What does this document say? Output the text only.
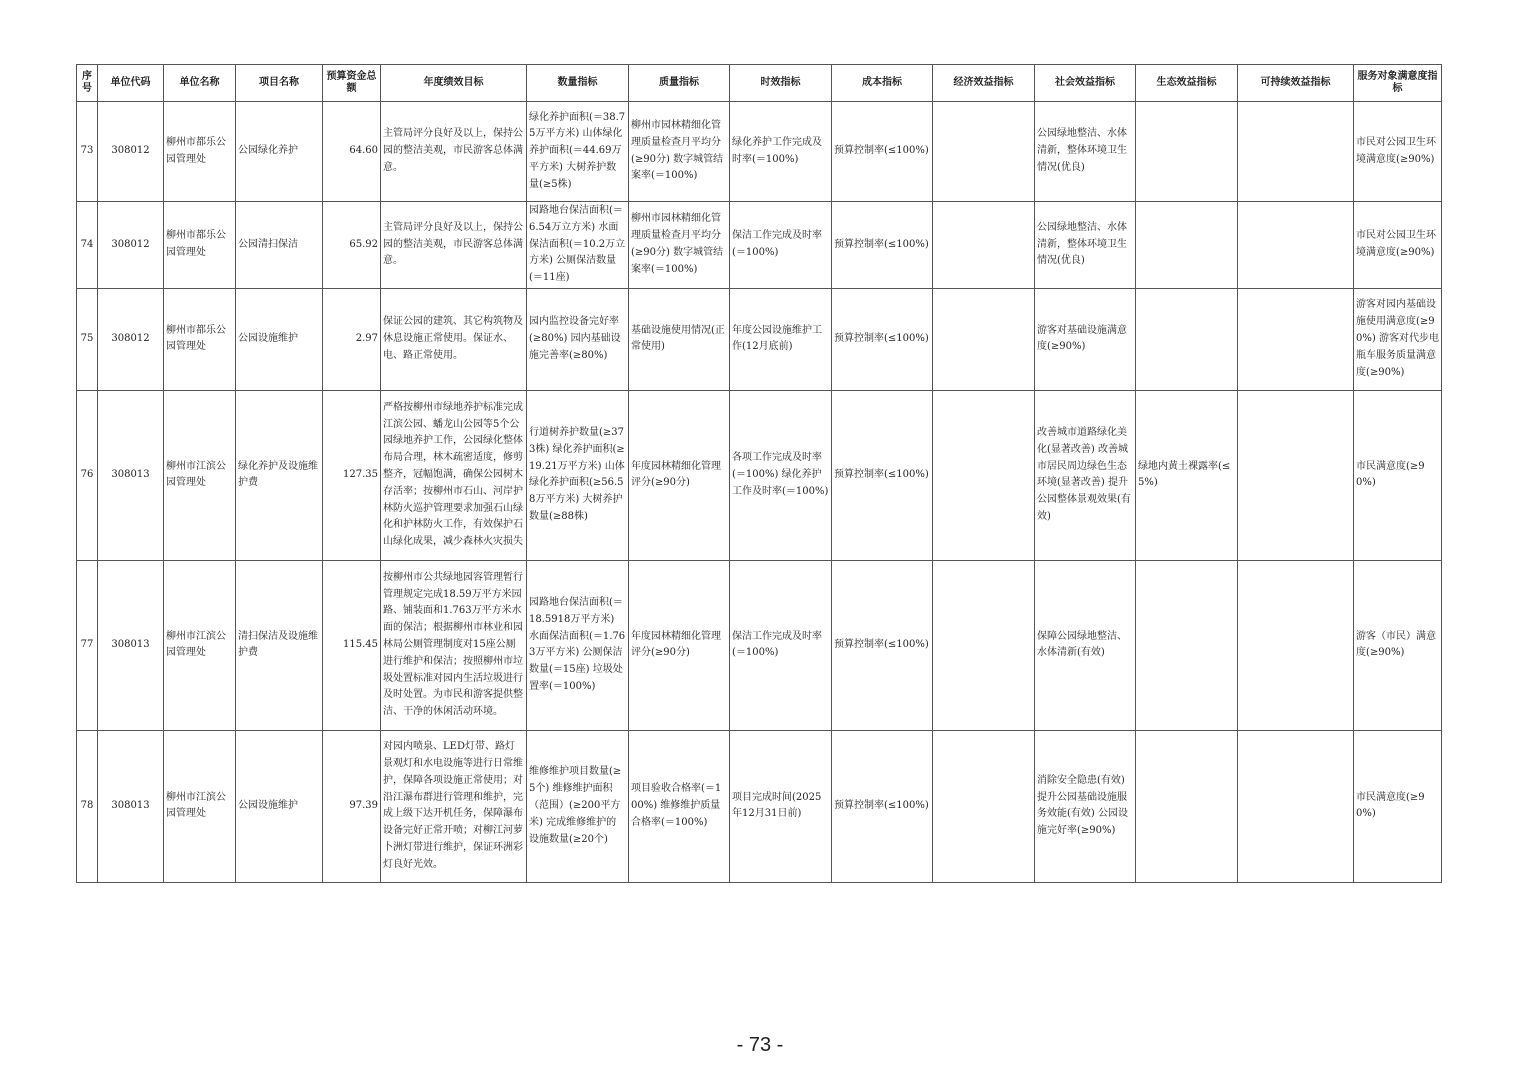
序号	单位代码	单位名称	项目名称	预算资金总额	年度绩效目标	数量指标	质量指标	时效指标	成本指标	经济效益指标	社会效益指标	生态效益指标	可持续效益指标	服务对象满意度指标
73	308012	柳州市都乐公园管理处	公园绿化养护	64.60	主管局评分良好及以上，保持公园的整洁美观，市民游客总体满意。	绿化养护面积(＝38.75万平方米) 山体绿化养护面积(＝44.69万平方米) 大树养护数量(≥5株)	柳州市园林精细化管理质量检查月平均分(≥90分) 数字城管结案率(＝100%)	绿化养护工作完成及时率(＝100%)	预算控制率(≤100%)		公园绿地整洁、水体清新，整体环境卫生情况(优良)			市民对公园卫生环境满意度(≥90%)
74	308012	柳州市都乐公园管理处	公园清扫保洁	65.92	主管局评分良好及以上，保持公园的整洁美观，市民游客总体满意。	园路地台保洁面积(＝6.54万立方米) 水面保洁面积(＝10.2万立方米) 公厕保洁数量(＝11座)	柳州市园林精细化管理质量检查月平均分(≥90分) 数字城管结案率(＝100%)	保洁工作完成及时率(＝100%)	预算控制率(≤100%)		公园绿地整洁、水体清新，整体环境卫生情况(优良)			市民对公园卫生环境满意度(≥90%)
75	308012	柳州市都乐公园管理处	公园设施维护	2.97	保证公园的建筑、其它构筑物及休息设施正常使用。保证水、电、路正常使用。	园内监控设备完好率(≥80%) 园内基础设施完善率(≥80%)	基础设施使用情况(正常使用)	年度公园设施维护工作(12月底前)	预算控制率(≤100%)		游客对基础设施满意度(≥90%)			游客对园内基础设施使用满意度(≥90%) 游客对代步电瓶车服务质量满意度(≥90%)
76	308013	柳州市江滨公园管理处	绿化养护及设施维护费	127.35	严格按柳州市绿地养护标准完成江滨公园、蟠龙山公园等5个公园绿地养护工作，公园绿化整体布局合理，林木疏密适度，修剪整齐，冠幅饱满，确保公园树木存活率；按柳州市石山、河岸护林防火巡护管理要求加强石山绿化和护林防火工作，有效保护石山绿化成果，减少森林火灾损失	行道树养护数量(≥373株) 绿化养护面积(≥19.21万平方米) 山体绿化养护面积(≥56.58万平方米) 大树养护数量(≥88株)	年度园林精细化管理评分(≥90分)	各项工作完成及时率(＝100%) 绿化养护工作及时率(＝100%)	预算控制率(≤100%)		改善城市道路绿化美化(显著改善) 改善城市居民周边绿色生态环境(显著改善) 提升公园整体景观效果(有效)	绿地内黄土裸露率(≤5%)		市民满意度(≥90%)
77	308013	柳州市江滨公园管理处	清扫保洁及设施维护费	115.45	按柳州市公共绿地园容管理暂行管理规定完成18.59万平方米园路、铺装面和1.763万平方米水面的保洁；根据柳州市林业和园林局公厕管理制度对15座公厕进行维护和保洁；按照柳州市垃圾处置标准对园内生活垃圾进行及时处置。为市民和游客提供整洁、干净的休闲活动环境。	园路地台保洁面积(＝18.5918万平方米) 水面保洁面积(＝1.763万平方米) 公厕保洁数量(＝15座) 垃圾处置率(＝100%)	年度园林精细化管理评分(≥90分)	保洁工作完成及时率(＝100%)	预算控制率(≤100%)		保障公园绿地整洁、水体清新(有效)			游客（市民）满意度(≥90%)
78	308013	柳州市江滨公园管理处	公园设施维护	97.39	对园内喷泉、LED灯带、路灯景观灯和水电设施等进行日常维护，保障各项设施正常使用；对沿江瀑布群进行管理和维护，完成上级下达开机任务，保障瀑布设备完好正常开喷；对柳江河萝卜洲灯带进行维护，保证环洲彩灯良好光效。	维修维护项目数量(≥5个) 维修维护面积（范围）(≥200平方米) 完成维修维护的设施数量(≥20个)	项目验收合格率(＝100%) 维修维护质量合格率(＝100%)	项目完成时间(2025年12月31日前)	预算控制率(≤100%)		消除安全隐患(有效) 提升公园基础设施服务效能(有效) 公园设施完好率(≥90%)			市民满意度(≥90%)
- 73 -
